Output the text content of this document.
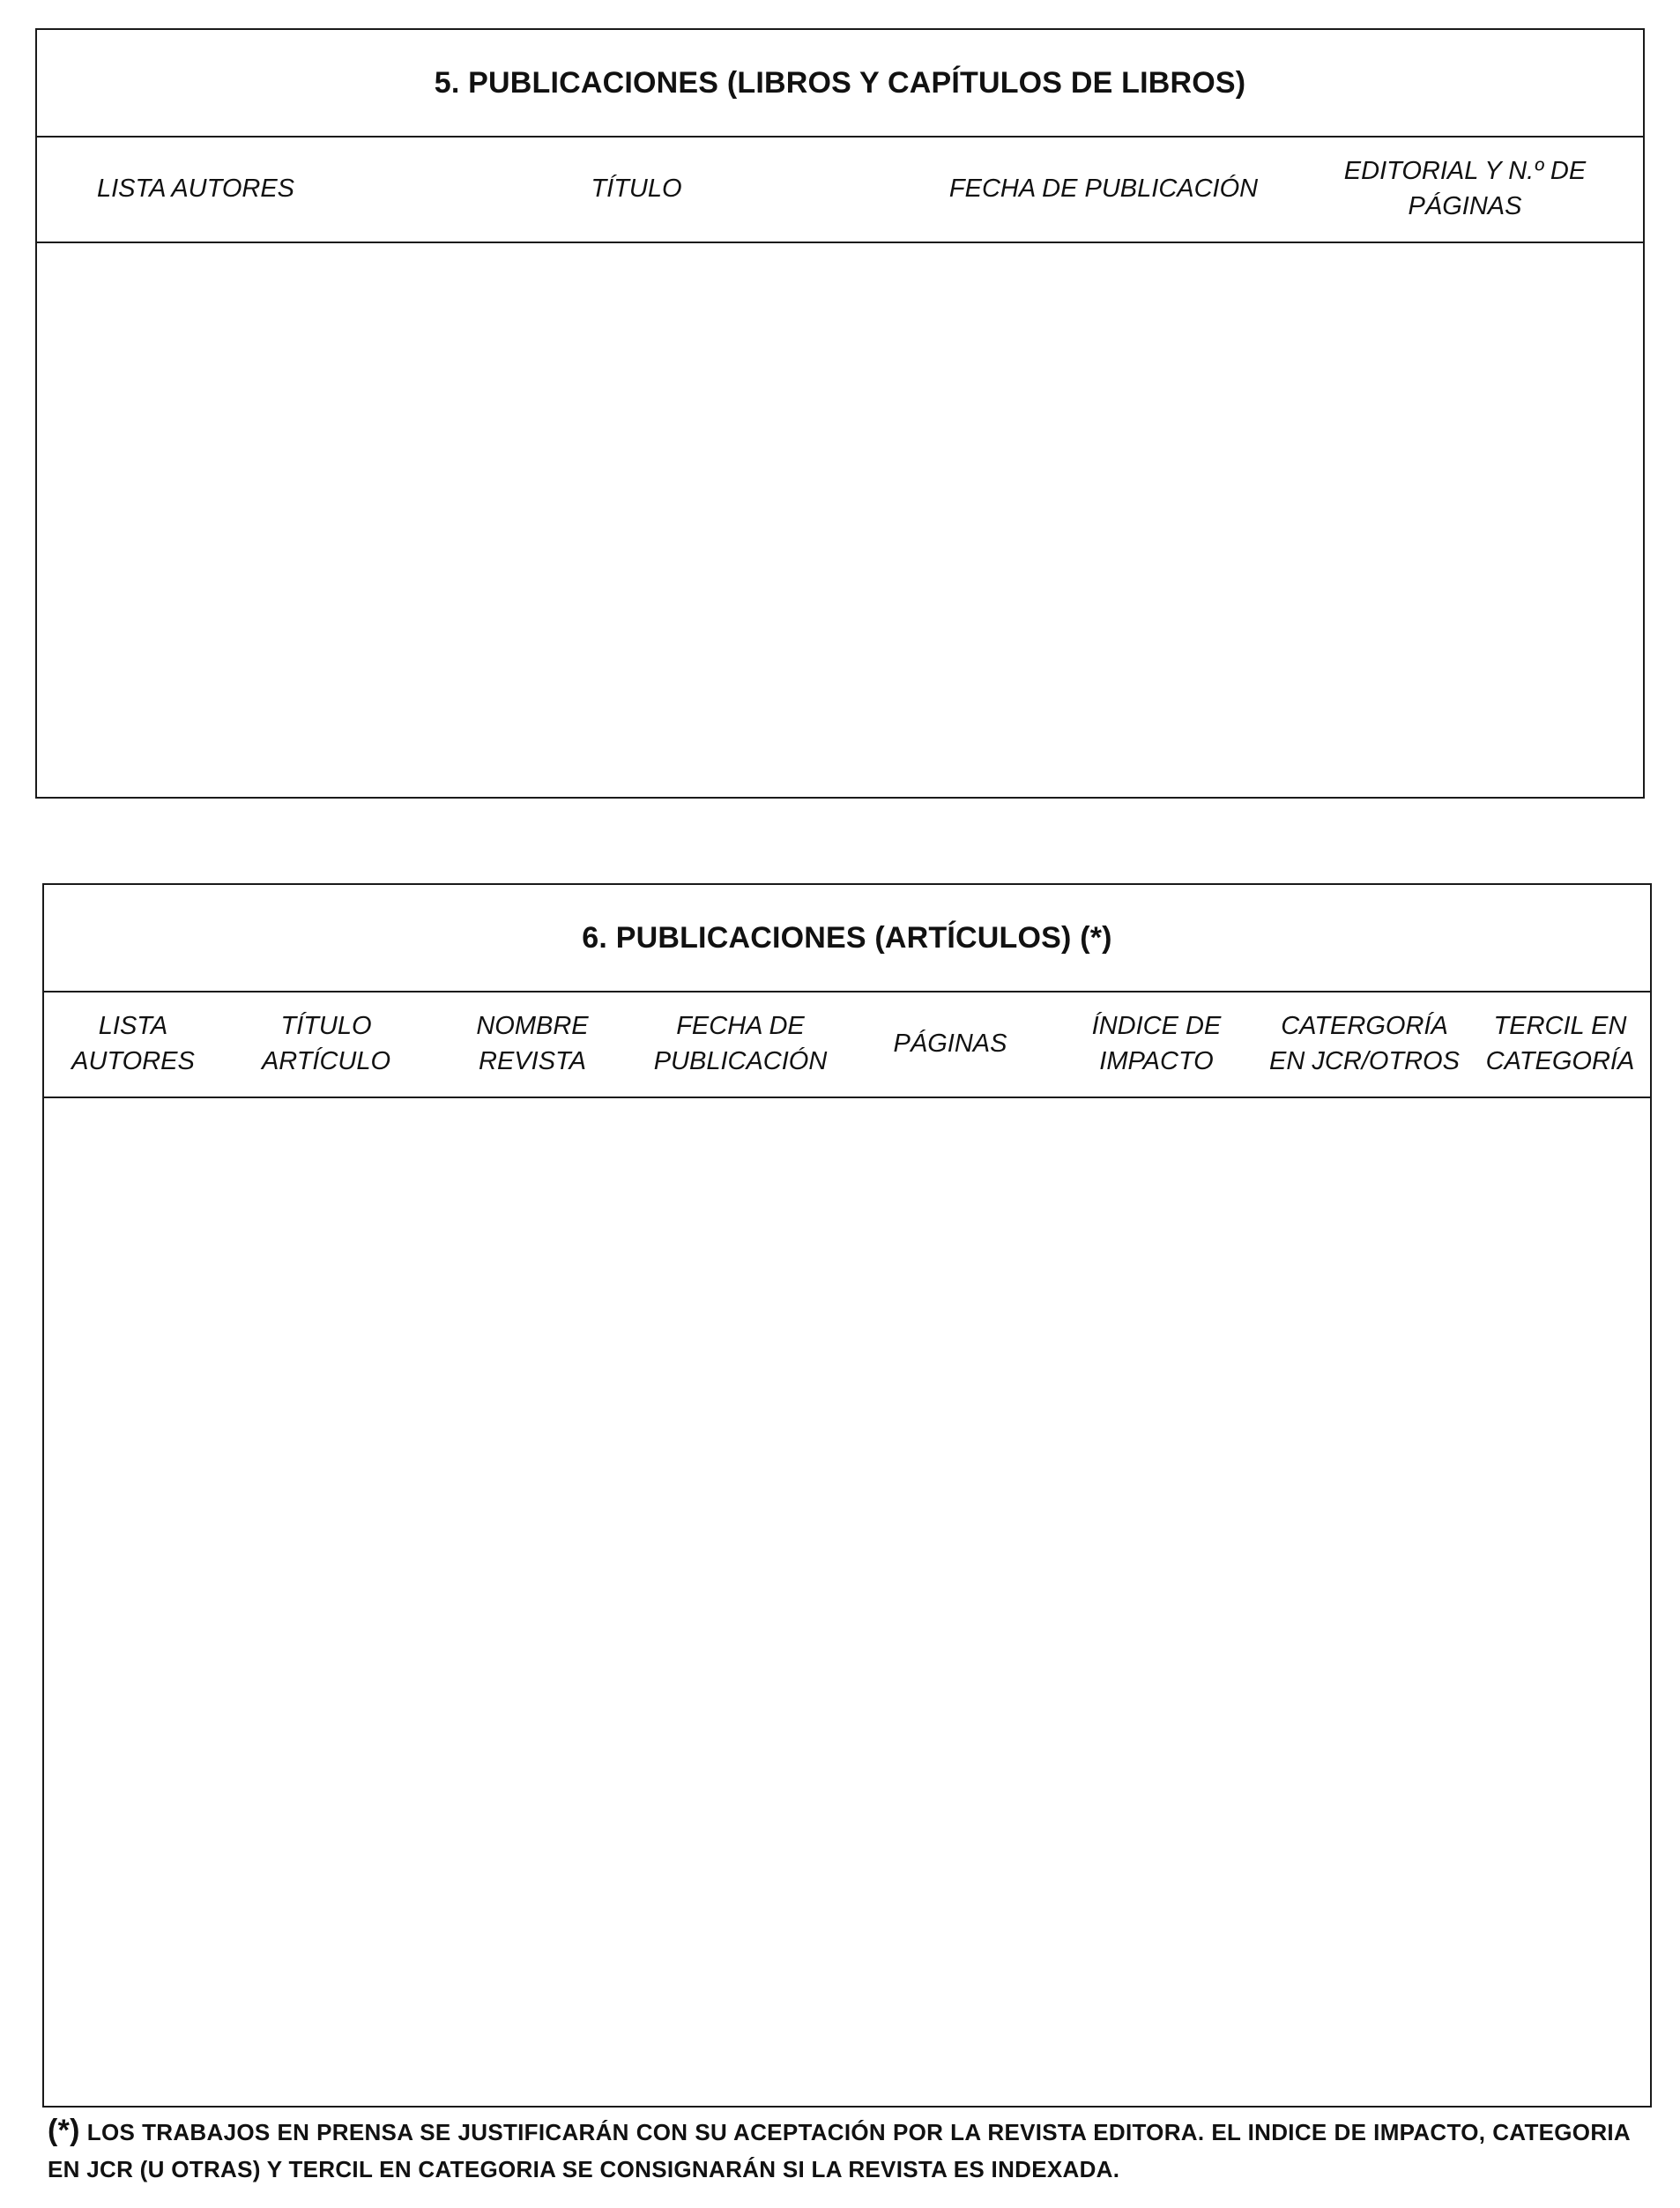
5. PUBLICACIONES (LIBROS Y CAPÍTULOS DE LIBROS)
LISTA AUTORES	TÍTULO	FECHA DE PUBLICACIÓN
EDITORIAL Y N.º DE PÁGINAS
6. PUBLICACIONES (ARTÍCULOS) (*)
LISTA AUTORES
TÍTULO ARTÍCULO
NOMBRE REVISTA
FECHA DE PUBLICACIÓN
PÁGINAS
ÍNDICE DE IMPACTO
CATERGORÍA EN JCR/OTROS
TERCIL EN CATEGORÍA
(*) LOS TRABAJOS EN PRENSA SE JUSTIFICARÁN CON SU ACEPTACIÓN POR LA REVISTA EDITORA. EL INDICE DE IMPACTO, CATEGORIA EN JCR (U OTRAS) Y TERCIL EN CATEGORIA SE CONSIGNARÁN SI LA REVISTA ES INDEXADA.
